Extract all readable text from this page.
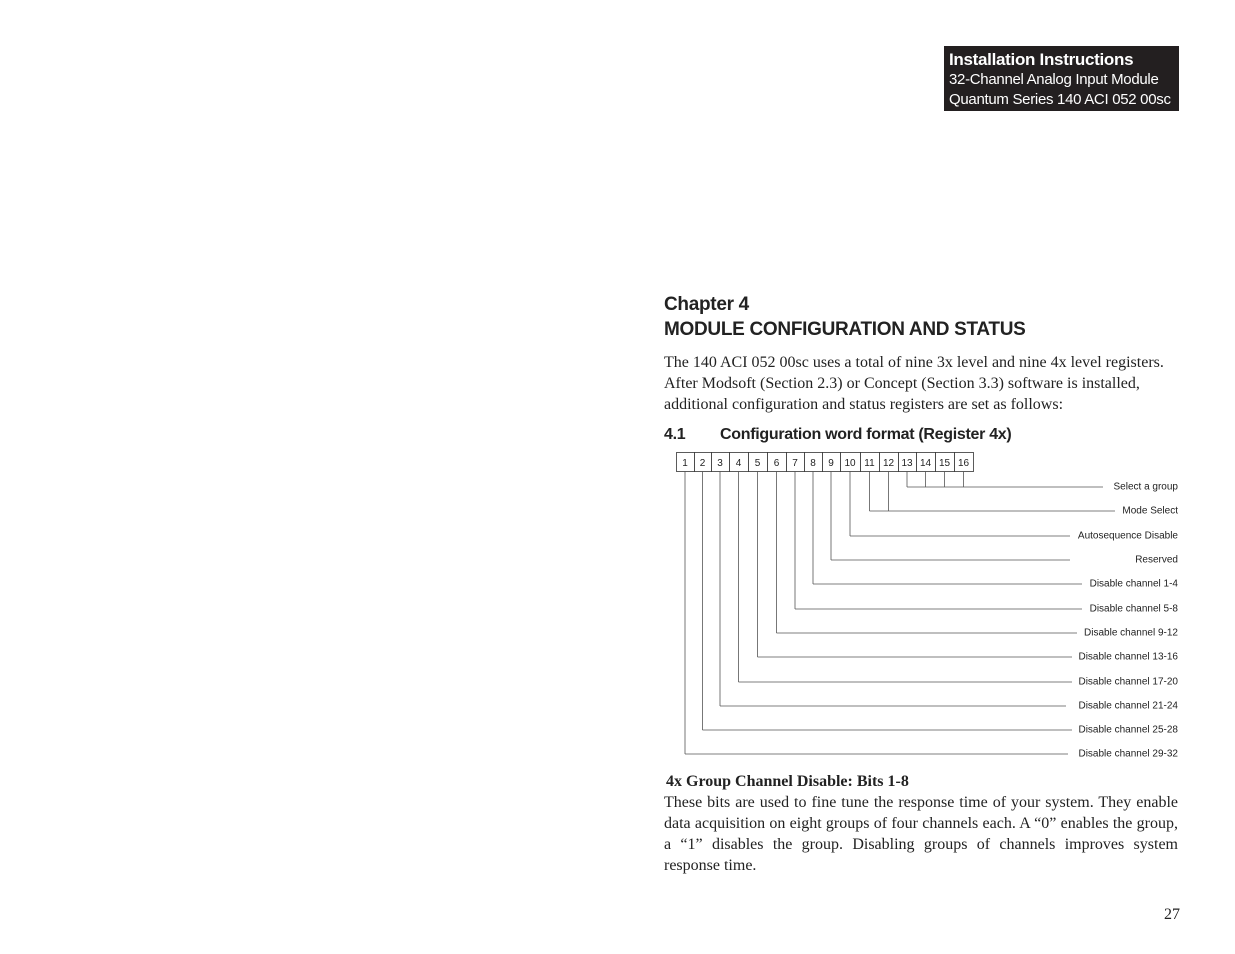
Installation Instructions
32-Channel Analog Input Module
Quantum Series 140 ACI 052 00sc
Chapter 4
MODULE CONFIGURATION AND STATUS
The 140 ACI 052 00sc uses a total of nine 3x level and nine 4x level registers. After Modsoft (Section 2.3) or Concept (Section 3.3) software is installed, additional configuration and status registers are set as follows:
4.1 Configuration word format (Register 4x)
1 2 3 4 5 6 7 8 9 10 11 12 13 14 15 16
Select a group
Mode Select
Autosequence Disable
Reserved
Disable channel 1-4
Disable channel 5-8
Disable channel 9-12
Disable channel 13-16
Disable channel 17-20
Disable channel 21-24
Disable channel 25-28
Disable channel 29-32
4x Group Channel Disable: Bits 1-8
These bits are used to fine tune the response time of your system. They enable data acquisition on eight groups of four channels each. A “0” enables the group, a “1” disables the group. Disabling groups of channels improves system response time.
27
